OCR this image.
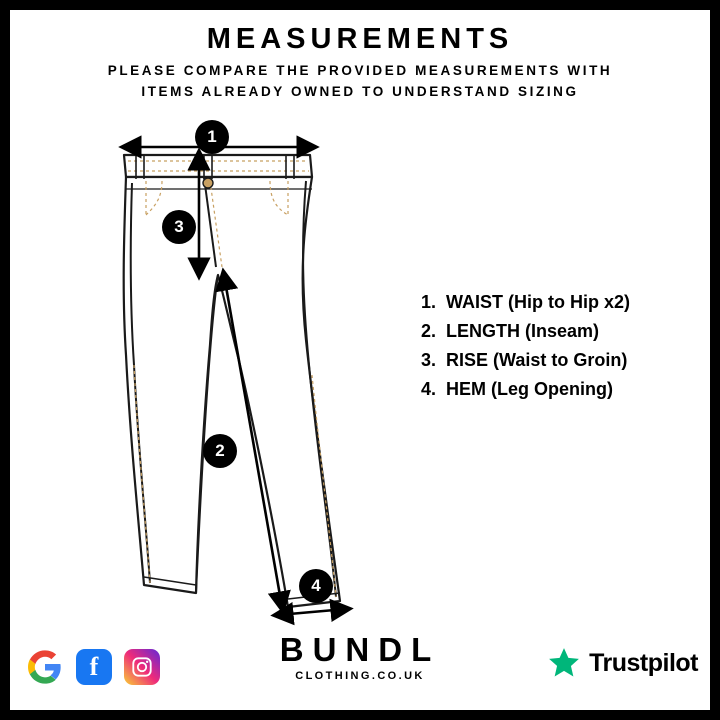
MEASUREMENTS
PLEASE COMPARE THE PROVIDED MEASUREMENTS WITH
ITEMS ALREADY OWNED TO UNDERSTAND SIZING
1
3
2
4
1. WAIST (Hip to Hip x2)
2. LENGTH (Inseam)
3. RISE (Waist to Groin)
4. HEM (Leg Opening)
f	BUNDL
CLOTHING.CO.UK	Trustpilot
